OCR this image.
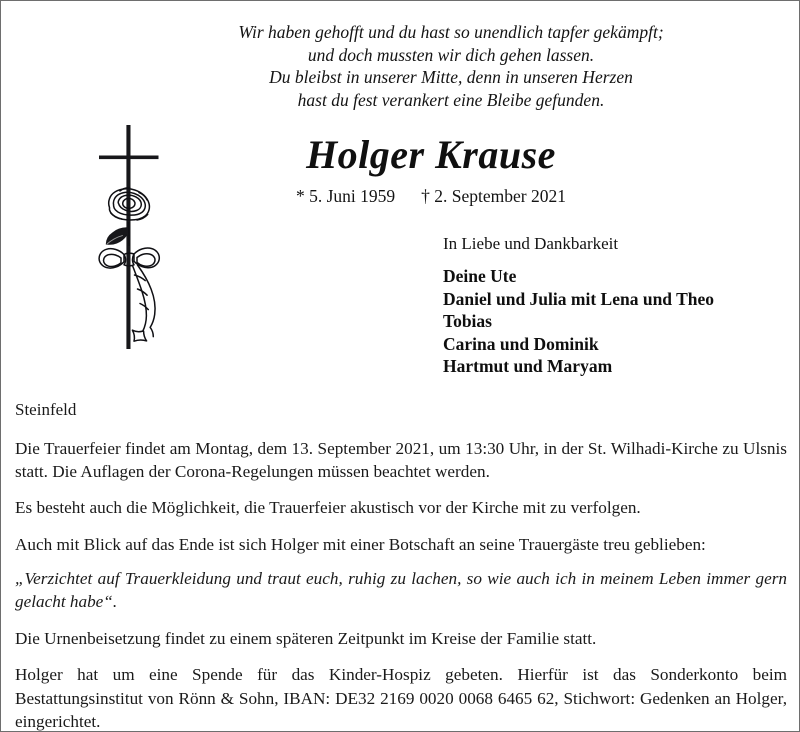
Wir haben gehofft und du hast so unendlich tapfer gekämpft;
und doch mussten wir dich gehen lassen.
Du bleibst in unserer Mitte, denn in unseren Herzen
hast du fest verankert eine Bleibe gefunden.
Holger Krause
* 5. Juni 1959 † 2. September 2021
In Liebe und Dankbarkeit
Deine Ute
Daniel und Julia mit Lena und Theo
Tobias
Carina und Dominik
Hartmut und Maryam

Steinfeld

Die Trauerfeier findet am Montag, dem 13. September 2021, um 13:30 Uhr, in der St. Wilhadi-Kirche zu Ulsnis statt. Die Auflagen der Corona-Regelungen müssen beachtet werden.

Es besteht auch die Möglichkeit, die Trauerfeier akustisch vor der Kirche mit zu verfolgen.

Auch mit Blick auf das Ende ist sich Holger mit einer Botschaft an seine Trauergäste treu geblieben:

„Verzichtet auf Trauerkleidung und traut euch, ruhig zu lachen, so wie auch ich in meinem Leben immer gern gelacht habe“.

Die Urnenbeisetzung findet zu einem späteren Zeitpunkt im Kreise der Familie statt.

Holger hat um eine Spende für das Kinder-Hospiz gebeten. Hierfür ist das Sonderkonto beim Bestattungsinstitut von Rönn & Sohn, IBAN: DE32 2169 0020 0068 6465 62, Stichwort: Gedenken an Holger, eingerichtet.
